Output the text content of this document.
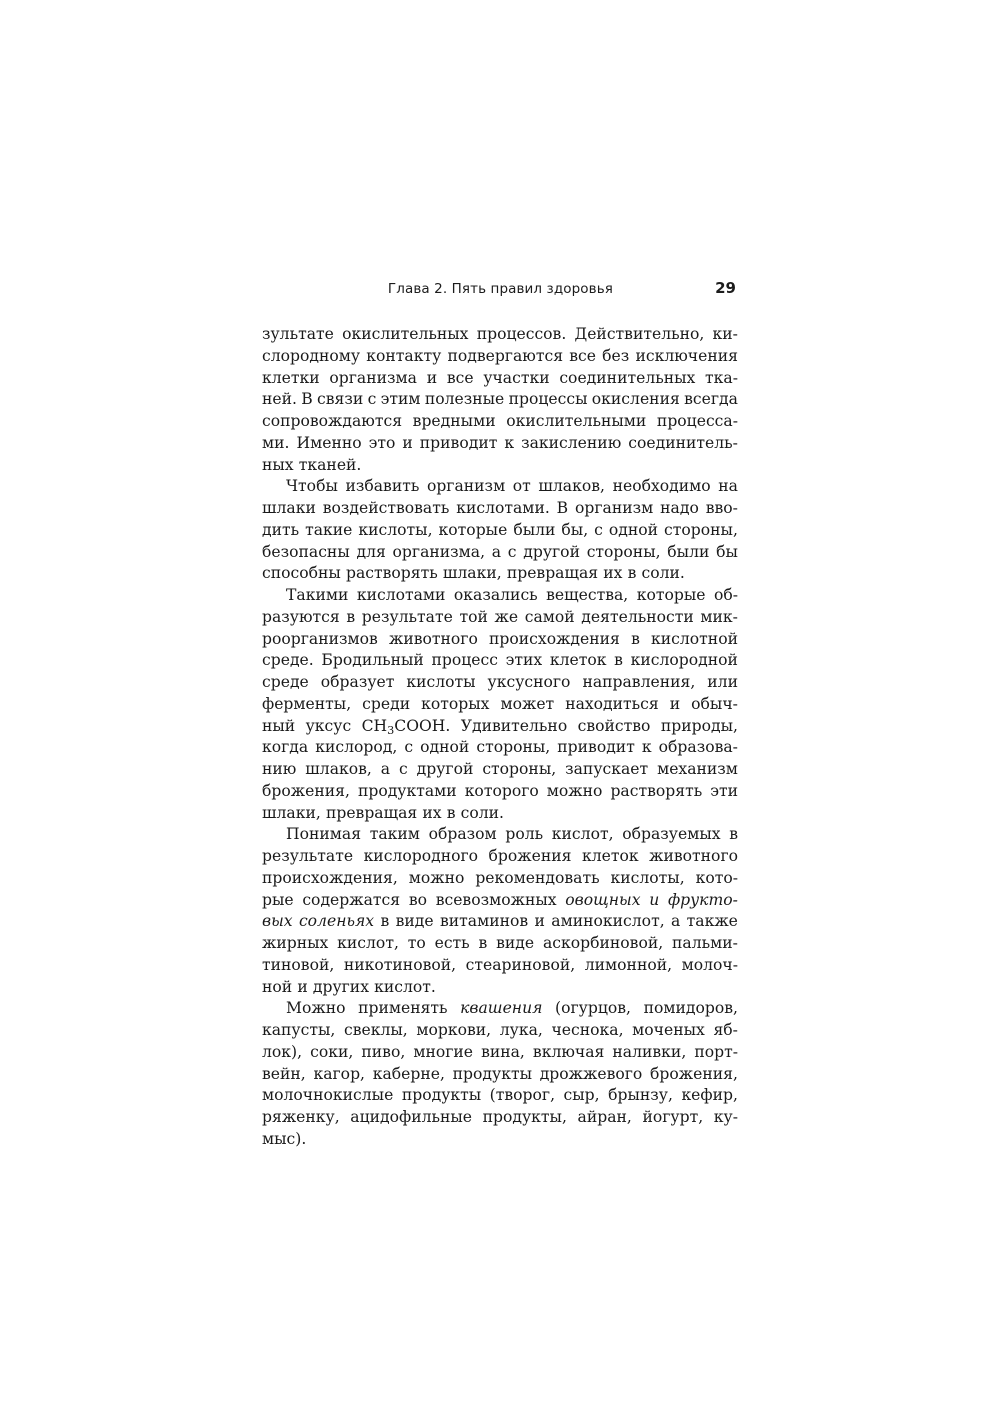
Глава 2. Пять правил здоровья	29
зультате окислительных процессов. Действительно, ки-
слородному контакту подвергаются все без исключения
клетки организма и все участки соединительных тка-
ней. В связи с этим полезные процессы окисления всегда
сопровождаются вредными окислительными процесса-
ми. Именно это и приводит к закислению соединитель-
ных тканей.
Чтобы избавить организм от шлаков, необходимо на
шлаки воздействовать кислотами. В организм надо вво-
дить такие кислоты, которые были бы, с одной стороны,
безопасны для организма, а с другой стороны, были бы
способны растворять шлаки, превращая их в соли.
Такими кислотами оказались вещества, которые об-
разуются в результате той же самой деятельности мик-
роорганизмов животного происхождения в кислотной
среде. Бродильный процесс этих клеток в кислородной
среде образует кислоты уксусного направления, или
ферменты, среди которых может находиться и обыч-
ный уксус $CH_3COOH$. Удивительно свойство природы,
когда кислород, с одной стороны, приводит к образова-
нию шлаков, а с другой стороны, запускает механизм
брожения, продуктами которого можно растворять эти
шлаки, превращая их в соли.
Понимая таким образом роль кислот, образуемых в
результате кислородного брожения клеток животного
происхождения, можно рекомендовать кислоты, кото-
рые содержатся во всевозможных овощных и фрукто-
вых соленьях в виде витаминов и аминокислот, а также
жирных кислот, то есть в виде аскорбиновой, пальми-
тиновой, никотиновой, стеариновой, лимонной, молоч-
ной и других кислот.
Можно применять квашения (огурцов, помидоров,
капусты, свеклы, моркови, лука, чеснока, моченых яб-
лок), соки, пиво, многие вина, включая наливки, порт-
вейн, кагор, каберне, продукты дрожжевого брожения,
молочнокислые продукты (творог, сыр, брынзу, кефир,
ряженку, ацидофильные продукты, айран, йогурт, ку-
мыс).
